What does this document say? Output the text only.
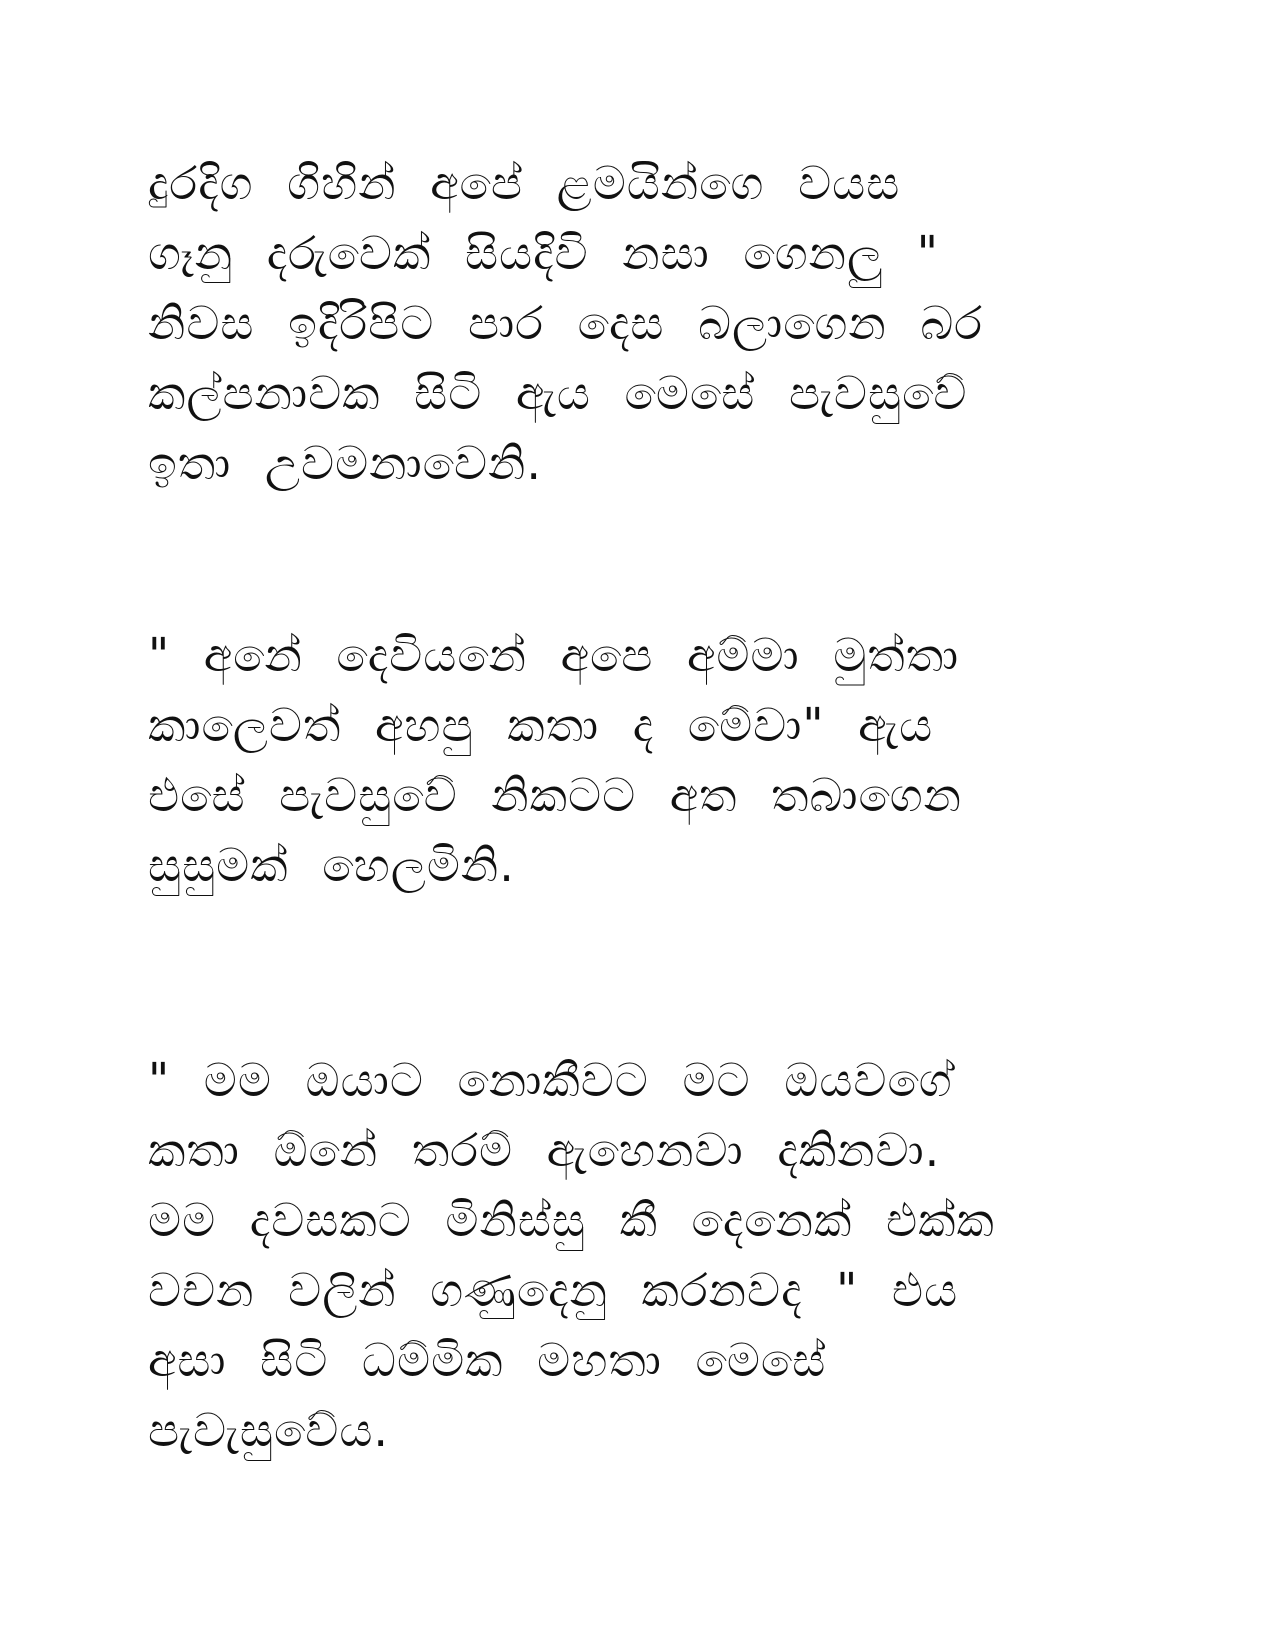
දුරදිග ගිහින් අපේ ළමයින්ගෙ වයස
ගෑනු දරුවෙක් සියදිවි නසා ගෙනලු "
නිවස ඉදිරිපිට පාර දෙස බලාගෙන බර
කල්පනාවක සිටි ඇය මෙසේ පැවසුවේ
ඉතා උවමනාවෙනි.
" අනේ දෙවියනේ අපෙ අම්මා මුත්තා
කාලෙවත් අහපු කතා ද මේවා" ඇය
එසේ පැවසුවේ නිකටට අත තබාගෙන
සුසුමක් හෙලමිනි.
" මම ඔයාට නොකීවට මට ඔයවගේ
කතා ඕනේ තරම් ඇහෙනවා දකිනවා.
මම දවසකට මිනිස්සු කී දෙනෙක් එක්ක
වචන වලින් ගණුදෙනු කරනවද " එය
අසා සිටි ධම්මික මහතා මෙසේ
පැවැසුවේය.
